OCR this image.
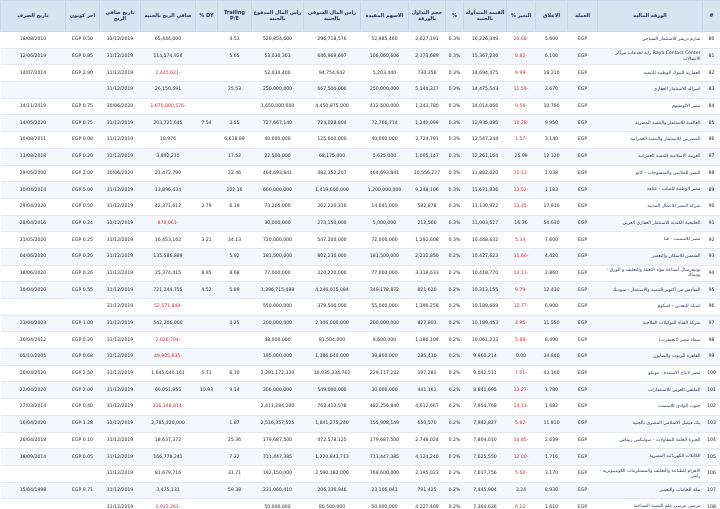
#	الورقة المالية	العملة	الاغلاق	التغير %	القيمة المتداولة بالجنيه	%	حجم التداول بالورقة	الاسهم المقيدة	راس المال السوقي بالجنيه	راس المال المدفوع بالجنيه	Trailing P/E	DY %	صافي الربح بالجنيه	تاريخ صافي الربح	اخر كوبون	تاريخ الصرف
80	شارم دريمز للاستثمار السياحي	EGP	5.600	-20.68	16,226,349	0.3%	2,627,191	52,985,460	296,718,576	529,854,600	4.53		65,444,000	31/12/2019	EGP 0.50	18/08/2010
81	Raya Contact Center راية لخدمات مراكز الاتصالات	EGP	6.100	-8.82	15,367,236	0.3%	2,373,689	106,060,606	646,969,697	53,030,303	5.65		114,574,924	31/12/2019	EGP 0.85	12/06/2019
82	العقارية للبنوك الوطنية للتنمية	EGP	18.210	-9.99	14,694,475	0.3%	730,356	5,203,440	94,754,642	52,034,400			-2,445,621	31/12/2019	EGP 2.90	14/07/2014
83	اميرالد للاستثمار العقاري	EGP	2.670	-11.59	14,475,543	0.3%	5,144,317	250,000,000	667,500,000	250,000,000	25.53		26,150,591	31/12/2019		
84	مصر الالومنيوم	EGP	10.790	-9.56	14,014,066	0.3%	1,243,780	412,500,000	4,450,875,000	1,650,000,000			-1,670,800,576	30/06/2020	EGP 0.75	14/11/2019
85	العالمية للاستثمار والتنمية المصرية	EGP	9.950	-10.28	12,935,085	0.3%	1,240,099	72,766,714	724,028,804	727,667,140	3.55	7.54	203,721,645	31/12/2019	EGP 0.75	14/05/2020
86	المصريين للاستثمار والتنمية العمرانية	EGP	3.140	-1.57	12,547,244	0.3%	3,724,791	40,000,000	125,600,000	40,000,000	6,618.89		18,976	31/12/2019	EGP 0.08	10/08/2011
87	الغربية الاسلامية للتنمية العمرانية	EGP	12.120	25.99	12,261,164	0.3%	1,005,147	5,625,000	68,175,000	22,500,000	17.52		3,892,215	31/12/2019	EGP 0.20	13/08/2018
88	النصر للملابس والمنسوجات - كابو	EGP	1.038	-12.11	11,882,020	0.3%	10,556,277	464,693,841	482,352,207	464,693,841	22.46		21,472,790	30/06/2020	EGP 2.00	29/05/2000
89	مصر الوطنية للصلب - عتاقة	EGP	1.183	-13.52	11,671,836	0.3%	9,248,106	1,200,000,000	1,419,600,000	600,000,000	102.16		13,896,434	31/12/2019	EGP 5.00	30/04/2014
90	شركة النصر للاعمال المدنية	EGP	17.910	-13.35	11,130,922	0.3%	582,878	14,641,000	262,220,310	73,205,000	6.19	2.79	42,371,612	31/12/2019	EGP 0.50	29/04/2020
91	الخليجية الكندية للاستثمار العقاري العربي	EGP	54.630	16.36	11,003,527	0.3%	212,560	5,000,000	273,150,000	30,000,000			-870,061	31/12/2019	EGP 0.24	28/04/2016
92	مصر للاسمنت - قنا	EGP	7.600	-5.34	10,448,632	0.3%	1,292,608	72,000,000	547,200,000	720,000,000	34.13	3.21	16,453,162	31/12/2019	EGP 0.25	21/05/2020
93	الشمس للاسكان والتعمير	EGP	4.420	-11.60	10,427,623	0.2%	2,232,850	181,500,000	802,230,000	181,500,000	5.92		135,586,889	31/12/2019	EGP 0.20	04/06/2020
94	يونيفرسال لصناعة مواد التعبئة والتغليف و الورق - يونيباك	EGP	2.860	-14.11	10,418,770	0.2%	3,318,633	77,000,000	220,220,000	77,000,000	8.68	8.95	25,374,415	31/12/2019	EGP 0.26	18/06/2020
95	السادس من اكتوبر للتنمية والاستثمار - سوديك	EGP	12.430	-9.79	10,313,155	0.2%	821,620	349,178,872	4,246,015,084	1,396,715,488	5.89	4.52	721,244,755	31/12/2019	EGP 0.55	30/04/2020
96	اسيك للتعدين - اسكوم	EGP	6.900	-12.77	10,189,669	0.2%	1,390,258	55,000,000	379,500,000	550,000,000			-52,571,849	31/12/2019		
97	شركة القناة للتوكيلات الملاحية	EGP	11.550	-4.95	10,189,453	0.2%	827,803	200,000,000	2,306,000,000	200,000,000	4.25		542,206,000	31/12/2019	EGP 1.00	23/04/2003
98	سماد مصر (ايجيفرت)	EGP	8.490	-5.88	10,061,233	0.2%	1,186,109	9,600,000	81,504,000	48,000,000			-2,026,704	31/12/2019	EGP 0.20	26/04/2012
99	القاهرة للزيوت والصابون	EGP	34.840	0.00	9,960,214	0.2%	285,430	39,800,000	1,386,640,000	195,000,000			-49,905,835	31/12/2019	EGP 0.68	05/10/2005
100	مصر لانتاج الاسمدة - موبكو	EGP	43.160	-7.61	9,042,511	0.2%	197,281	229,117,232	10,035,334,762	2,291,172,320	6.10	5.71	1,645,040,161	31/12/2019	EGP 2.50	26/04/2020
101	الملتقي العربي للاستثمارات	EGP	1.780	-13.27	8,841,695	0.2%	441,161	30,000,000	549,000,000	300,000,000	9.14	10.93	60,051,955	31/12/2019	EGP 2.00	22/04/2020
102	جنوب الوادى للاسمنت	EGP	1.682	-14.11	7,954,768	0.2%	4,612,667	482,256,840	763,412,578	2,411,284,200			-316,348,814	31/12/2019	EGP 0.40	27/03/2014
103	بنك فيصل الاسلامي المصري بالجنيه	EGP	11.810	-5.82	7,942,827	0.2%	650,570	155,908,149	1,841,275,240	2,516,357,525	1.87		2,785,120,000	31/12/2019	EGP 1.28	16/04/2020
104	الجيزة العامة للمقاولات - سوليكس ريماس	EGP	2.639	-10.85	7,804,010	0.2%	2,748,024	179,687,500	472,578,125	179,687,500	25.36		18,637,372	31/12/2019	EGP 0.10	26/04/2018
105	الكابلات الكهربائية المصرية	EGP	1.716	-12.00	7,625,550	0.2%	4,124,240	711,447,385	1,220,843,713	711,447,385	7.32		166,778,241	31/12/2019	EGP 0.05	18/09/2014
106	الاهرام للطباعة والتغليف والمستلزمات الكومبيوترية - رامي	EGP	3.170	-5.60	7,617,756	0.2%	2,195,023	768,600,000	2,590,182,000	192,150,000	31.71		81,679,716	31/12/2019		
107	مكة للخامات والتعمير	EGP	8.930	3.24	7,445,904	0.2%	791,425	23,106,041	206,336,946	231,060,410	59.38		3,475,131	31/12/2019	EGP 9.71	15/04/1998
108	مرسى مرسي علم للتنمية السياحية	EGP	1.610	-6.12	7,364,636	0.2%	4,227,469	50,000,000	80,500,000	50,000,000			-1,915,261	31/12/2019		
